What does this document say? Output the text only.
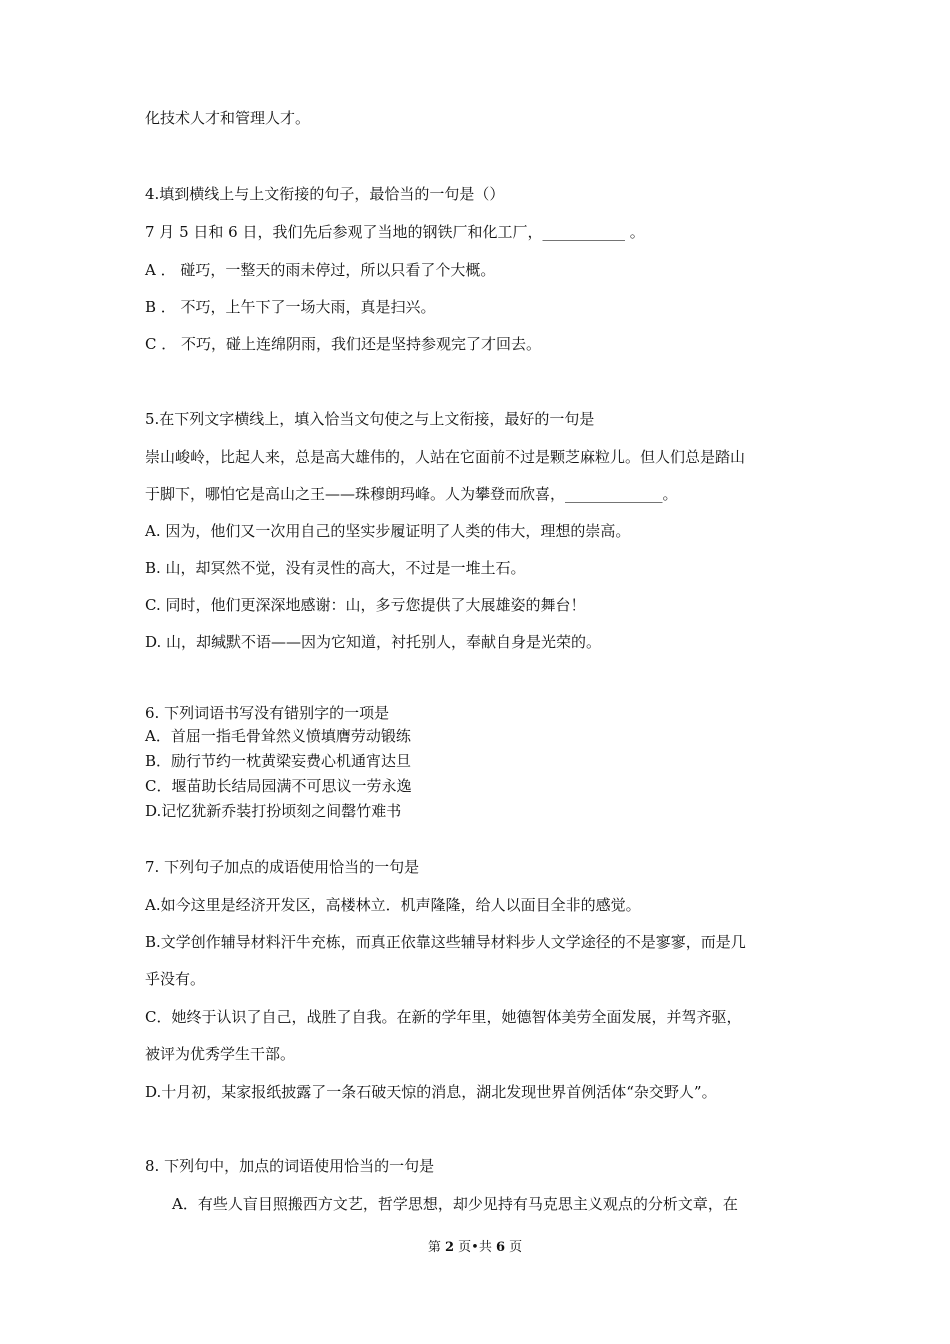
化技术人才和管理人才。
4.填到横线上与上文衔接的句子，最恰当的一句是（）
7 月 5 日和 6 日，我们先后参观了当地的钢铁厂和化工厂，___________ 。
A ． 碰巧，一整天的雨未停过，所以只看了个大概。
B ． 不巧，上午下了一场大雨，真是扫兴。
C ． 不巧，碰上连绵阴雨，我们还是坚持参观完了才回去。
5.在下列文字横线上，填入恰当文句使之与上文衔接，最好的一句是
崇山峻岭，比起人来，总是高大雄伟的，人站在它面前不过是颗芝麻粒儿。但人们总是踏山
于脚下，哪怕它是高山之王——珠穆朗玛峰。人为攀登而欣喜，_____________。
A. 因为，他们又一次用自己的坚实步履证明了人类的伟大，理想的崇高。
B. 山，却冥然不觉，没有灵性的高大，不过是一堆土石。
C. 同时，他们更深深地感谢：山，多亏您提供了大展雄姿的舞台！
D. 山，却缄默不语——因为它知道，衬托别人，奉献自身是光荣的。
6. 下列词语书写没有错别字的一项是
A．首屈一指毛骨耸然义愤填膺劳动锻练
B．励行节约一枕黄梁妄费心机通宵达旦
C．堰苗助长结局园满不可思议一劳永逸
D.记忆犹新乔装打扮顷刻之间罄竹难书
7. 下列句子加点的成语使用恰当的一句是
A.如今这里是经济开发区，高楼林立．机声隆隆，给人以面目全非的感觉。
B.文学创作辅导材料汗牛充栋，而真正依靠这些辅导材料步人文学途径的不是寥寥，而是几
乎没有。
C．她终于认识了自己，战胜了自我。在新的学年里，她德智体美劳全面发展，并驾齐驱，
被评为优秀学生干部。
D.十月初，某家报纸披露了一条石破天惊的消息，湖北发现世界首例活体“杂交野人”。
8. 下列句中，加点的词语使用恰当的一句是
A．有些人盲目照搬西方文艺，哲学思想，却少见持有马克思主义观点的分析文章，在
第 2 页•共 6 页
